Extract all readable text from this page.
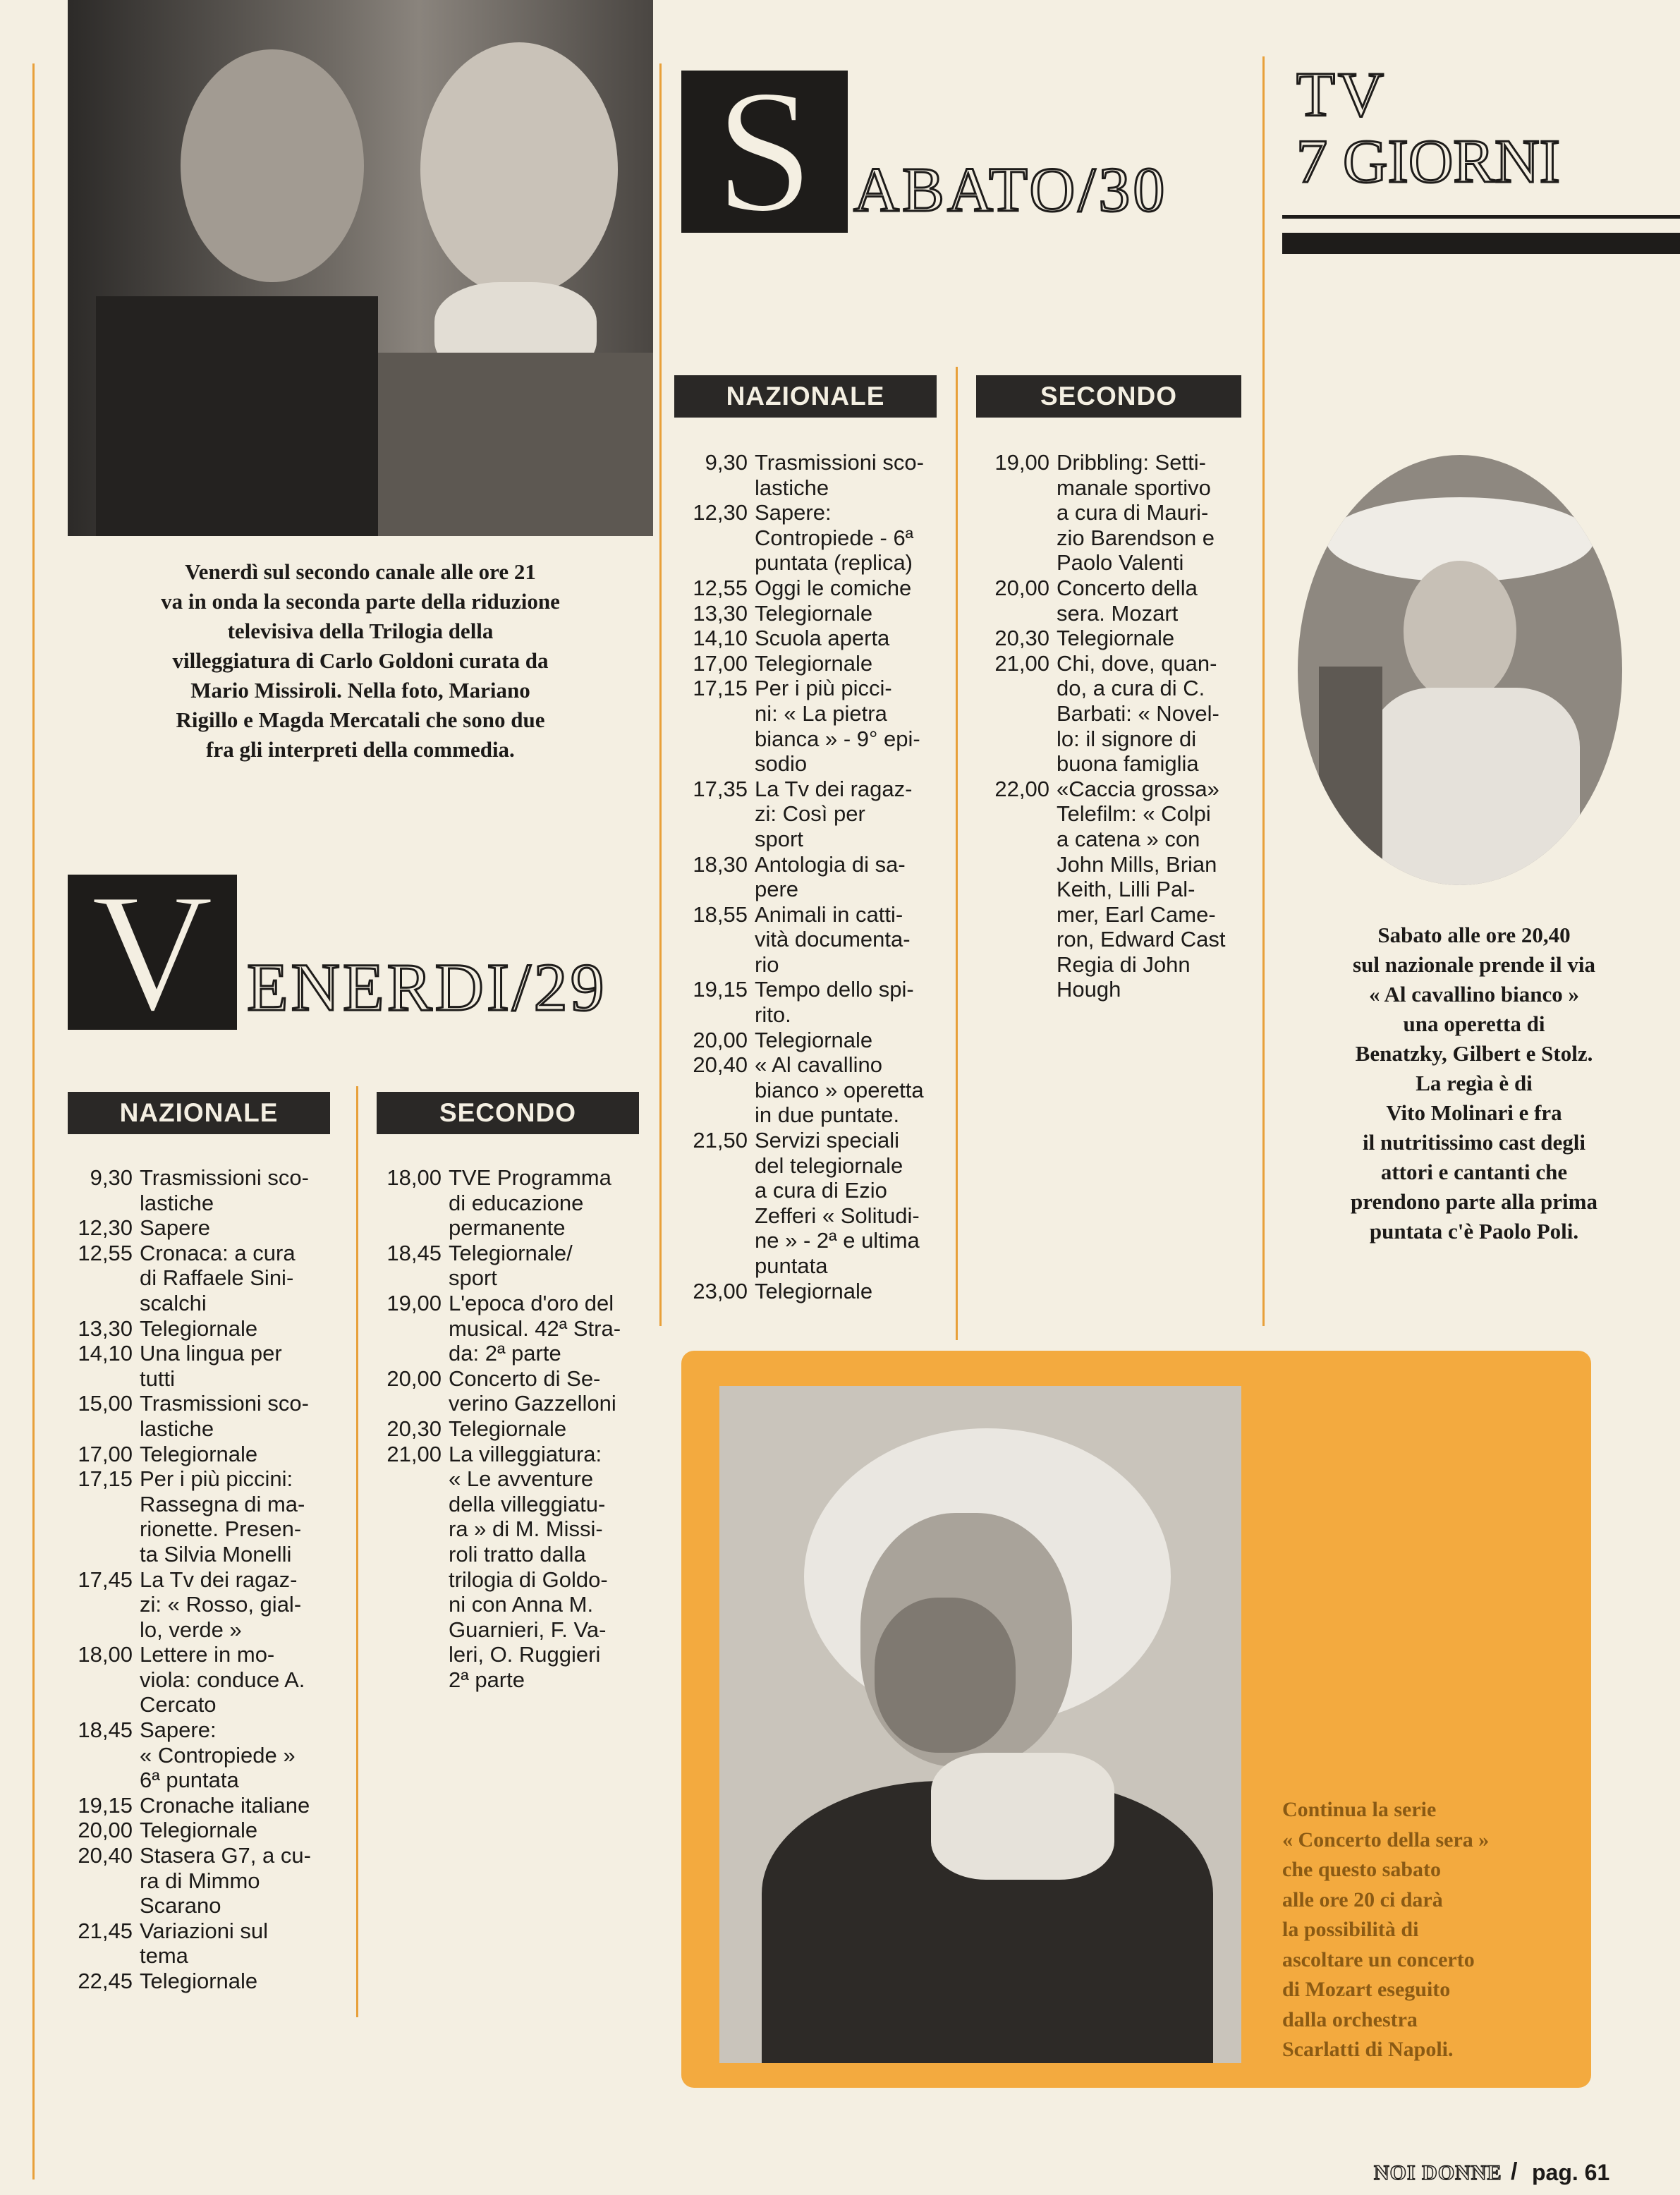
Venerdì sul secondo canale alle ore 21
va in onda la seconda parte della riduzione
televisiva della Trilogia della
villeggiatura di Carlo Goldoni curata da
Mario Missiroli. Nella foto, Mariano
Rigillo e Magda Mercatali che sono due
fra gli interpreti della commedia.
V ENERDI/29
NAZIONALE
9,30 Trasmissioni sco-
lastiche
12,30 Sapere
12,55 Cronaca: a cura
di Raffaele Sini-
scalchi
13,30 Telegiornale
14,10 Una lingua per
tutti
15,00 Trasmissioni sco-
lastiche
17,00 Telegiornale
17,15 Per i più piccini:
Rassegna di ma-
rionette. Presen-
ta Silvia Monelli
17,45 La Tv dei ragaz-
zi: « Rosso, gial-
lo, verde »
18,00 Lettere in mo-
viola: conduce A.
Cercato
18,45 Sapere:
« Contropiede »
6ª puntata
19,15 Cronache italiane
20,00 Telegiornale
20,40 Stasera G7, a cu-
ra di Mimmo
Scarano
21,45 Variazioni sul
tema
22,45 Telegiornale
SECONDO
18,00 TVE Programma
di educazione
permanente
18,45 Telegiornale/
sport
19,00 L'epoca d'oro del
musical. 42ª Stra-
da: 2ª parte
20,00 Concerto di Se-
verino Gazzelloni
20,30 Telegiornale
21,00 La villeggiatura:
« Le avventure
della villeggiatu-
ra » di M. Missi-
roli tratto dalla
trilogia di Goldo-
ni con Anna M.
Guarnieri, F. Va-
leri, O. Ruggieri
2ª parte
S ABATO/30
NAZIONALE
9,30 Trasmissioni sco-
lastiche
12,30 Sapere:
Contropiede - 6ª
puntata (replica)
12,55 Oggi le comiche
13,30 Telegiornale
14,10 Scuola aperta
17,00 Telegiornale
17,15 Per i più picci-
ni: « La pietra
bianca » - 9° epi-
sodio
17,35 La Tv dei ragaz-
zi: Così per
sport
18,30 Antologia di sa-
pere
18,55 Animali in catti-
vità documenta-
rio
19,15 Tempo dello spi-
rito.
20,00 Telegiornale
20,40 « Al cavallino
bianco » operetta
in due puntate.
21,50 Servizi speciali
del telegiornale
a cura di Ezio
Zefferi « Solitudi-
ne » - 2ª e ultima
puntata
23,00 Telegiornale
SECONDO
19,00 Dribbling: Setti-
manale sportivo
a cura di Mauri-
zio Barendson e
Paolo Valenti
20,00 Concerto della
sera. Mozart
20,30 Telegiornale
21,00 Chi, dove, quan-
do, a cura di C.
Barbati: « Novel-
lo: il signore di
buona famiglia
22,00 «Caccia grossa»
Telefilm: « Colpi
a catena » con
John Mills, Brian
Keith, Lilli Pal-
mer, Earl Came-
ron, Edward Cast
Regia di John
Hough
TV
7 GIORNI
Sabato alle ore 20,40
sul nazionale prende il via
« Al cavallino bianco »
una operetta di
Benatzky, Gilbert e Stolz.
La regìa è di
Vito Molinari e fra
il nutritissimo cast degli
attori e cantanti che
prendono parte alla prima
puntata c'è Paolo Poli.
Continua la serie
« Concerto della sera »
che questo sabato
alle ore 20 ci darà
la possibilità di
ascoltare un concerto
di Mozart eseguito
dalla orchestra
Scarlatti di Napoli.
NOI DONNE / pag. 61
